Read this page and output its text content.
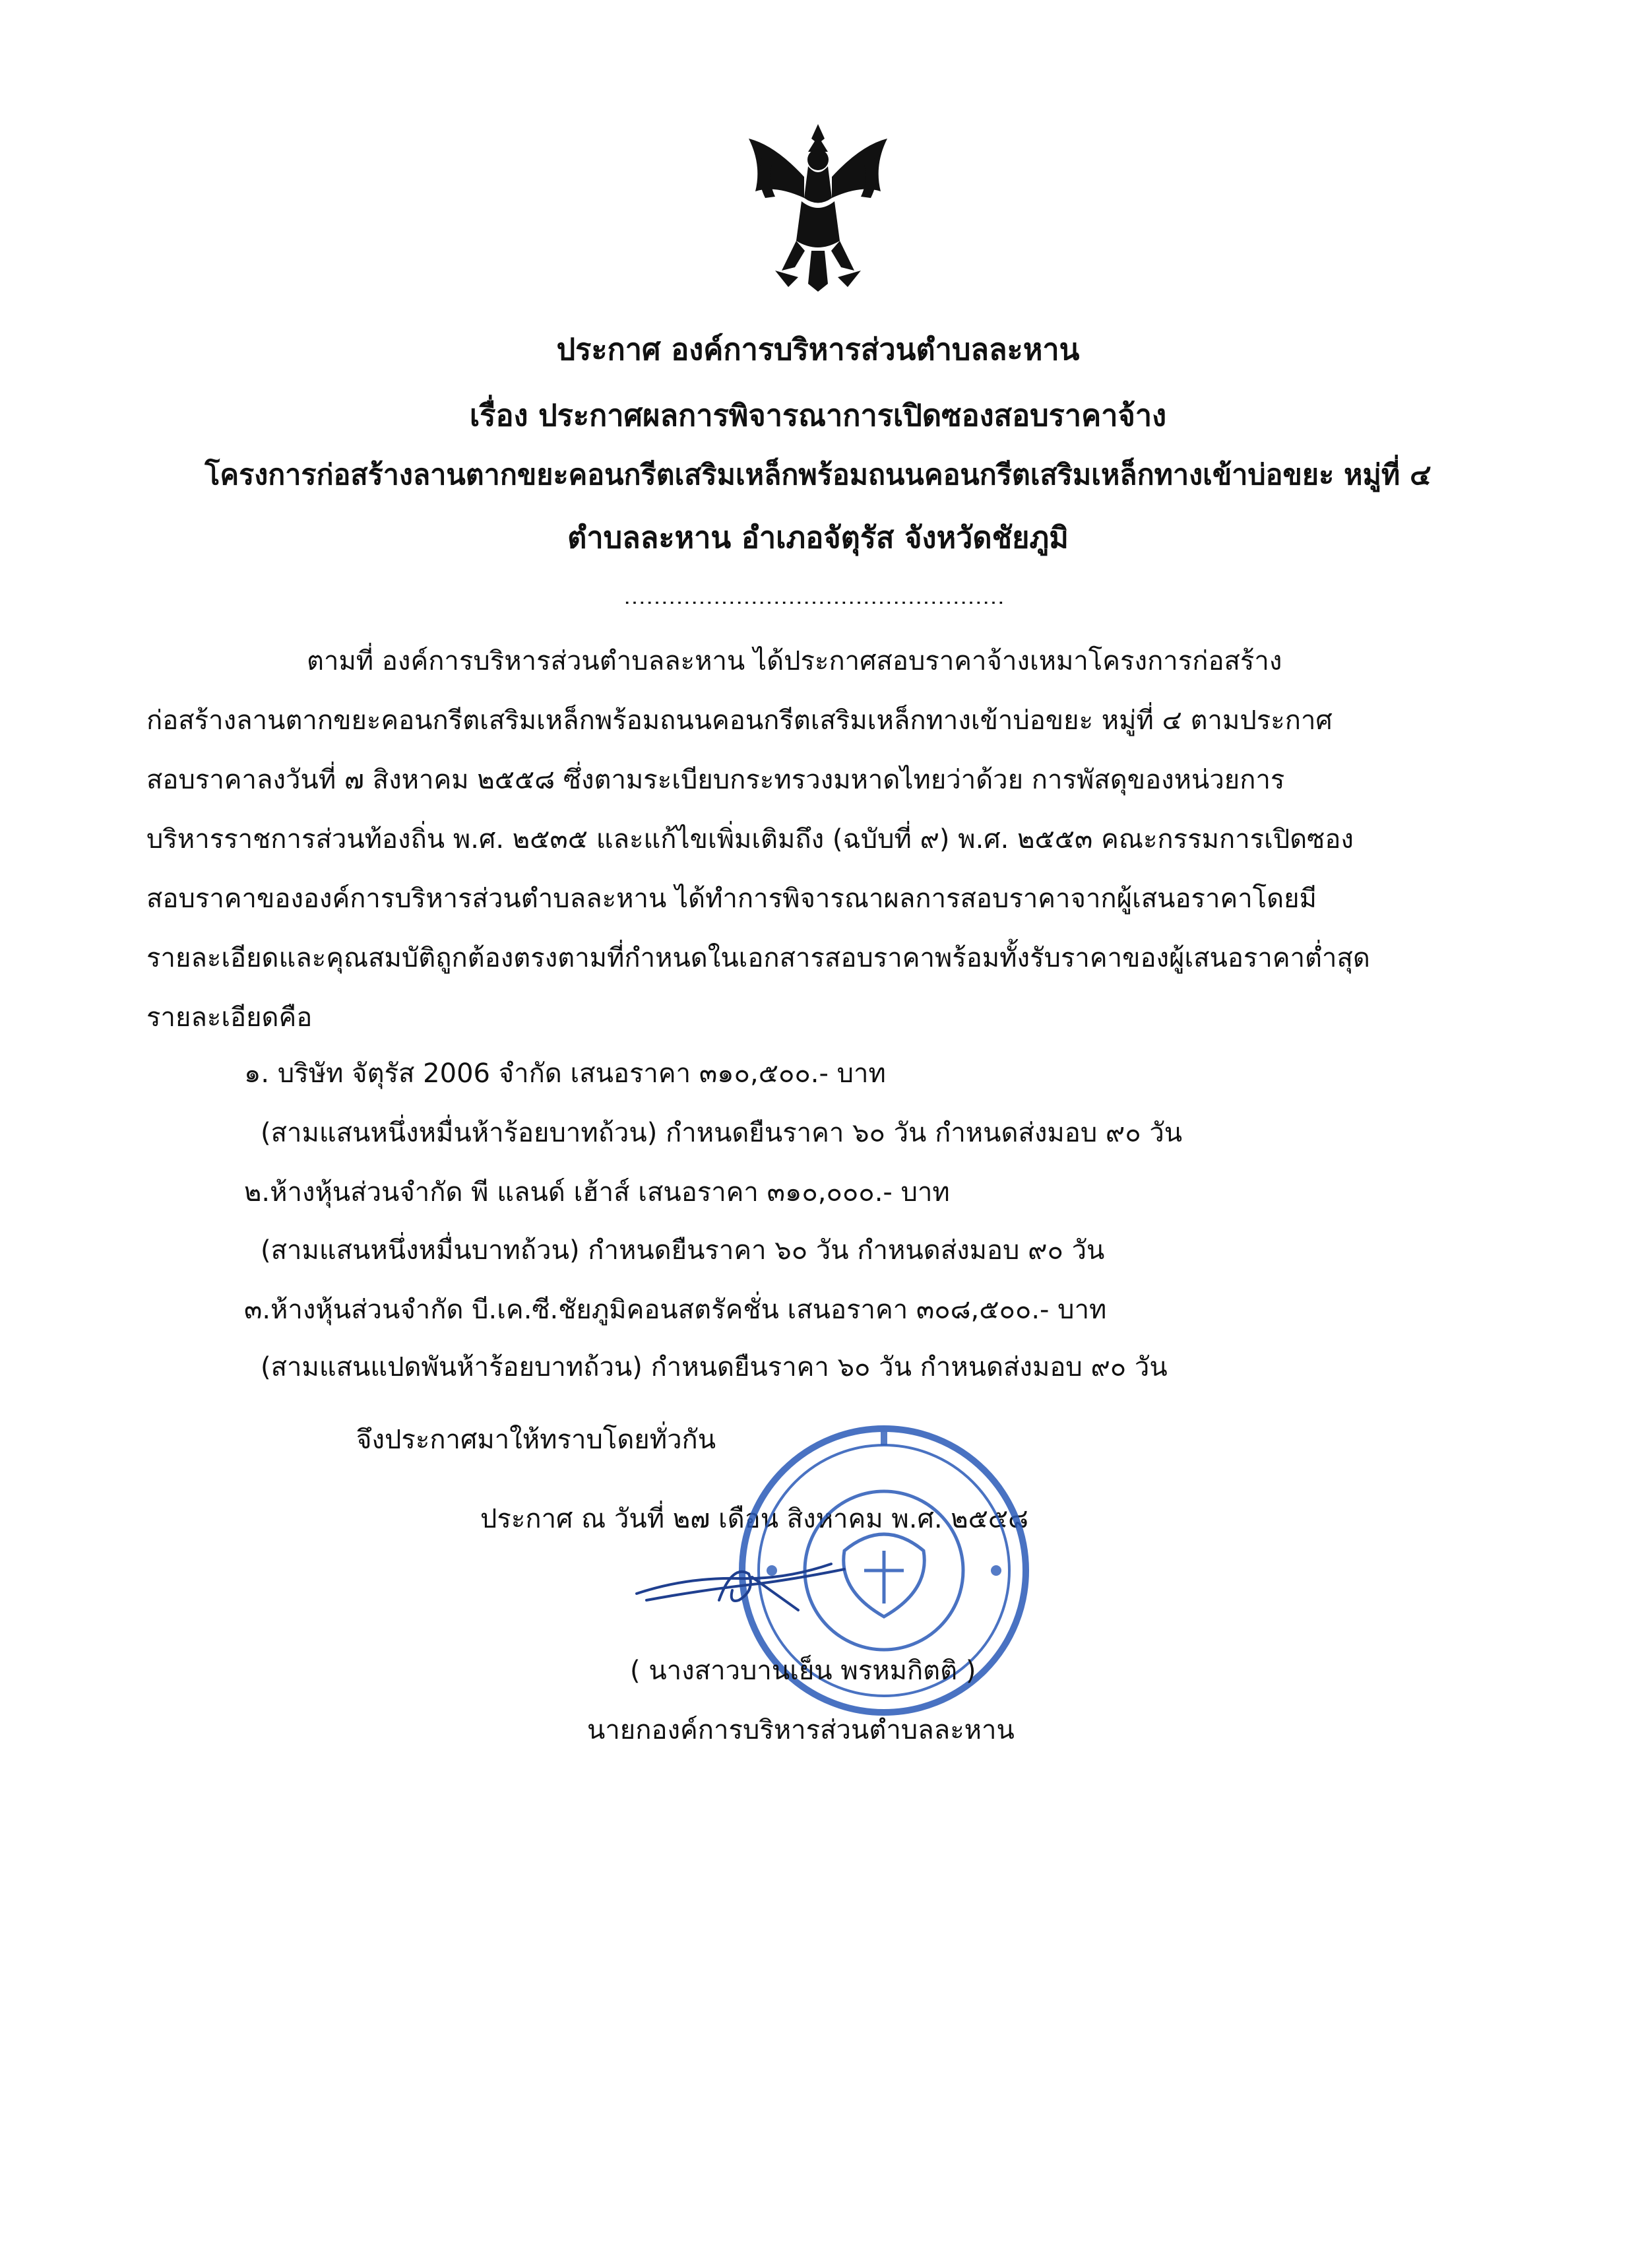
ประกาศ องค์การบริหารส่วนตำบลละหาน
เรื่อง ประกาศผลการพิจารณาการเปิดซองสอบราคาจ้าง
โครงการก่อสร้างลานตากขยะคอนกรีตเสริมเหล็กพร้อมถนนคอนกรีตเสริมเหล็กทางเข้าบ่อขยะ หมู่ที่ ๔
ตำบลละหาน อำเภอจัตุรัส จังหวัดชัยภูมิ
……………………………………………
ตามที่ องค์การบริหารส่วนตำบลละหาน ได้ประกาศสอบราคาจ้างเหมาโครงการก่อสร้าง
ก่อสร้างลานตากขยะคอนกรีตเสริมเหล็กพร้อมถนนคอนกรีตเสริมเหล็กทางเข้าบ่อขยะ หมู่ที่ ๔ ตามประกาศ
สอบราคาลงวันที่ ๗ สิงหาคม ๒๕๕๘ ซึ่งตามระเบียบกระทรวงมหาดไทยว่าด้วย การพัสดุของหน่วยการ
บริหารราชการส่วนท้องถิ่น พ.ศ. ๒๕๓๕ และแก้ไขเพิ่มเติมถึง (ฉบับที่ ๙) พ.ศ. ๒๕๕๓ คณะกรรมการเปิดซอง
สอบราคาขององค์การบริหารส่วนตำบลละหาน ได้ทำการพิจารณาผลการสอบราคาจากผู้เสนอราคาโดยมี
รายละเอียดและคุณสมบัติถูกต้องตรงตามที่กำหนดในเอกสารสอบราคาพร้อมทั้งรับราคาของผู้เสนอราคาต่ำสุด
รายละเอียดคือ
๑. บริษัท จัตุรัส 2006 จำกัด เสนอราคา ๓๑๐,๕๐๐.- บาท
(สามแสนหนึ่งหมื่นห้าร้อยบาทถ้วน) กำหนดยืนราคา ๖๐ วัน กำหนดส่งมอบ ๙๐ วัน
๒.ห้างหุ้นส่วนจำกัด พี แลนด์ เฮ้าส์ เสนอราคา ๓๑๐,๐๐๐.- บาท
(สามแสนหนึ่งหมื่นบาทถ้วน) กำหนดยืนราคา ๖๐ วัน กำหนดส่งมอบ ๙๐ วัน
๓.ห้างหุ้นส่วนจำกัด บี.เค.ซี.ชัยภูมิคอนสตรัคชั่น เสนอราคา ๓๐๘,๕๐๐.- บาท
(สามแสนแปดพันห้าร้อยบาทถ้วน) กำหนดยืนราคา ๖๐ วัน กำหนดส่งมอบ ๙๐ วัน
จึงประกาศมาให้ทราบโดยทั่วกัน
ประกาศ ณ วันที่ ๒๗ เดือน สิงหาคม พ.ศ. ๒๕๕๘
( นางสาวบานเย็น พรหมกิตติ )
นายกองค์การบริหารส่วนตำบลละหาน
